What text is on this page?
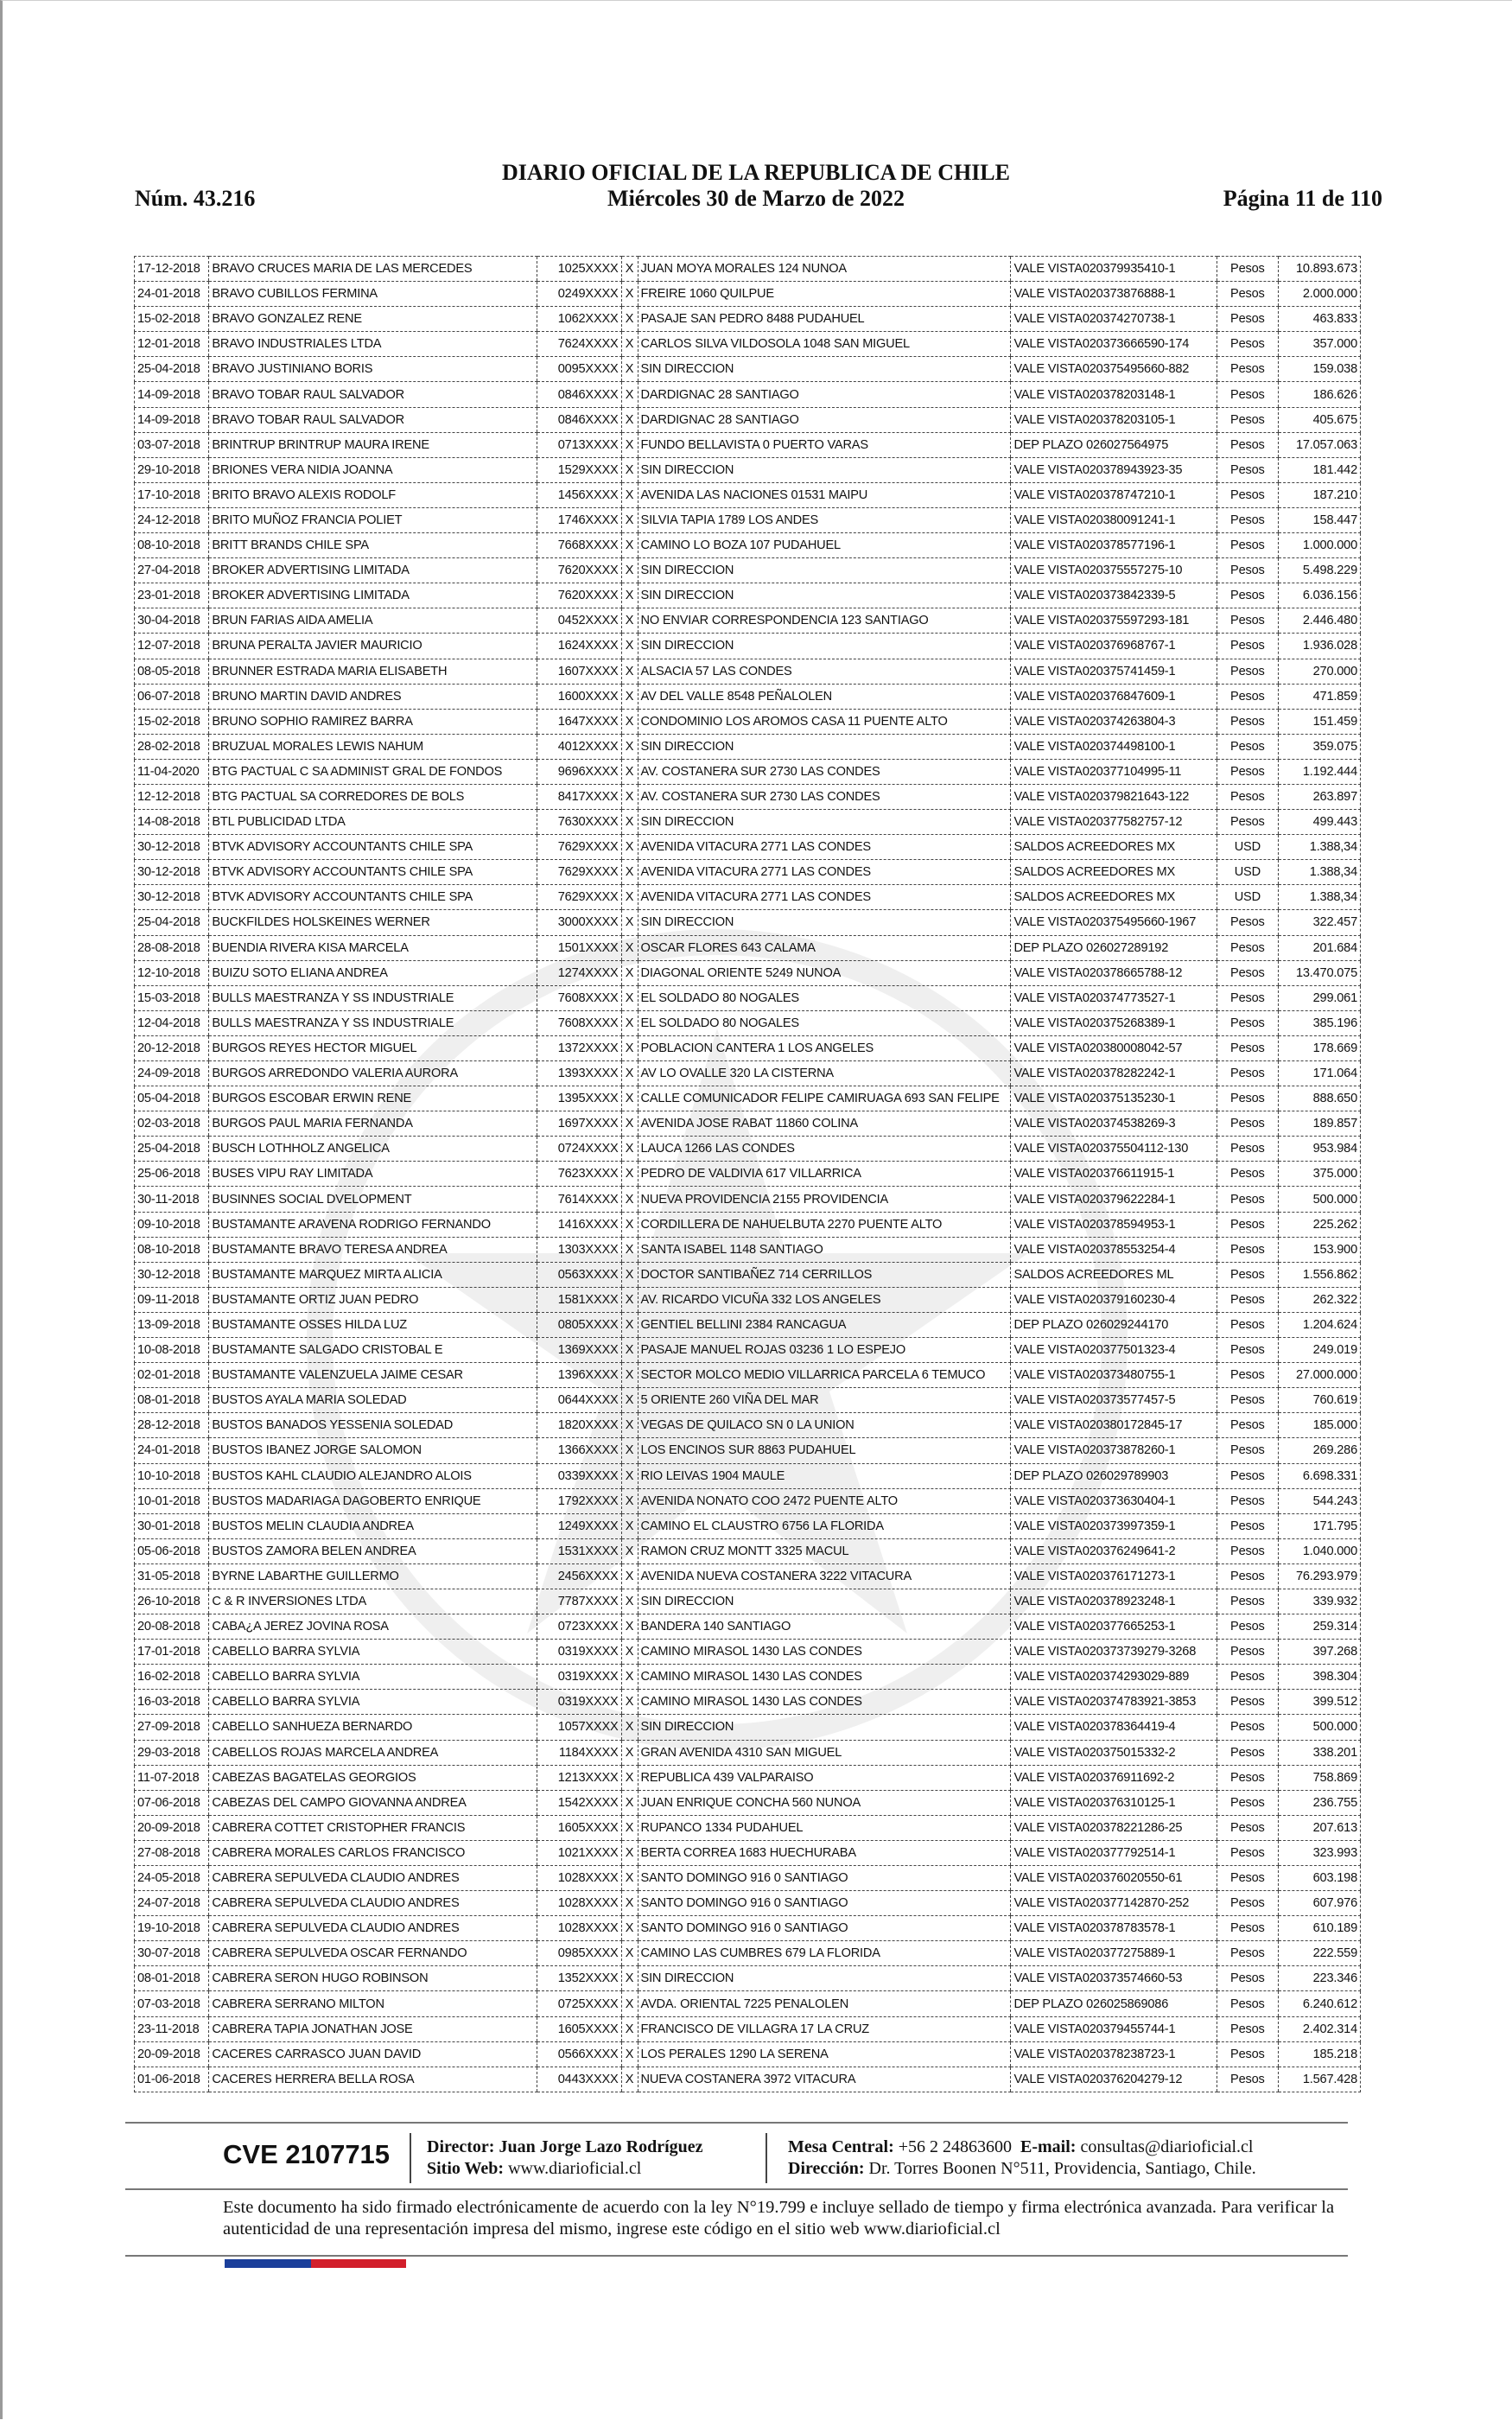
DIARIO OFICIAL DE LA REPUBLICA DE CHILE
Miércoles 30 de Marzo de 2022
Núm. 43.216	Página 11 de 110
17-12-2018	BRAVO CRUCES MARIA DE LAS MERCEDES	1025XXXX	X	JUAN MOYA MORALES 124 NUNOA	VALE VISTA020379935410-1	Pesos	10.893.673
24-01-2018	BRAVO CUBILLOS FERMINA	0249XXXX	X	FREIRE 1060 QUILPUE	VALE VISTA020373876888-1	Pesos	2.000.000
15-02-2018	BRAVO GONZALEZ RENE	1062XXXX	X	PASAJE SAN PEDRO 8488 PUDAHUEL	VALE VISTA020374270738-1	Pesos	463.833
12-01-2018	BRAVO INDUSTRIALES LTDA	7624XXXX	X	CARLOS SILVA VILDOSOLA 1048 SAN MIGUEL	VALE VISTA020373666590-174	Pesos	357.000
25-04-2018	BRAVO JUSTINIANO BORIS	0095XXXX	X	SIN DIRECCION	VALE VISTA020375495660-882	Pesos	159.038
14-09-2018	BRAVO TOBAR RAUL SALVADOR	0846XXXX	X	DARDIGNAC 28 SANTIAGO	VALE VISTA020378203148-1	Pesos	186.626
14-09-2018	BRAVO TOBAR RAUL SALVADOR	0846XXXX	X	DARDIGNAC 28 SANTIAGO	VALE VISTA020378203105-1	Pesos	405.675
03-07-2018	BRINTRUP BRINTRUP MAURA IRENE	0713XXXX	X	FUNDO BELLAVISTA 0 PUERTO VARAS	DEP PLAZO 026027564975	Pesos	17.057.063
29-10-2018	BRIONES VERA NIDIA JOANNA	1529XXXX	X	SIN DIRECCION	VALE VISTA020378943923-35	Pesos	181.442
17-10-2018	BRITO BRAVO ALEXIS RODOLF	1456XXXX	X	AVENIDA LAS NACIONES 01531 MAIPU	VALE VISTA020378747210-1	Pesos	187.210
24-12-2018	BRITO MUÑOZ FRANCIA POLIET	1746XXXX	X	SILVIA TAPIA 1789 LOS ANDES	VALE VISTA020380091241-1	Pesos	158.447
08-10-2018	BRITT BRANDS CHILE SPA	7668XXXX	X	CAMINO LO BOZA 107 PUDAHUEL	VALE VISTA020378577196-1	Pesos	1.000.000
27-04-2018	BROKER ADVERTISING LIMITADA	7620XXXX	X	SIN DIRECCION	VALE VISTA020375557275-10	Pesos	5.498.229
23-01-2018	BROKER ADVERTISING LIMITADA	7620XXXX	X	SIN DIRECCION	VALE VISTA020373842339-5	Pesos	6.036.156
30-04-2018	BRUN FARIAS AIDA AMELIA	0452XXXX	X	NO ENVIAR CORRESPONDENCIA 123 SANTIAGO	VALE VISTA020375597293-181	Pesos	2.446.480
12-07-2018	BRUNA PERALTA JAVIER MAURICIO	1624XXXX	X	SIN DIRECCION	VALE VISTA020376968767-1	Pesos	1.936.028
08-05-2018	BRUNNER ESTRADA MARIA ELISABETH	1607XXXX	X	ALSACIA 57 LAS CONDES	VALE VISTA020375741459-1	Pesos	270.000
06-07-2018	BRUNO MARTIN DAVID ANDRES	1600XXXX	X	AV DEL VALLE 8548 PEÑALOLEN	VALE VISTA020376847609-1	Pesos	471.859
15-02-2018	BRUNO SOPHIO RAMIREZ BARRA	1647XXXX	X	CONDOMINIO LOS AROMOS CASA 11 PUENTE ALTO	VALE VISTA020374263804-3	Pesos	151.459
28-02-2018	BRUZUAL MORALES LEWIS NAHUM	4012XXXX	X	SIN DIRECCION	VALE VISTA020374498100-1	Pesos	359.075
11-04-2020	BTG PACTUAL C SA ADMINIST GRAL DE FONDOS	9696XXXX	X	AV. COSTANERA SUR 2730 LAS CONDES	VALE VISTA020377104995-11	Pesos	1.192.444
12-12-2018	BTG PACTUAL SA CORREDORES DE BOLS	8417XXXX	X	AV. COSTANERA SUR 2730 LAS CONDES	VALE VISTA020379821643-122	Pesos	263.897
14-08-2018	BTL PUBLICIDAD LTDA	7630XXXX	X	SIN DIRECCION	VALE VISTA020377582757-12	Pesos	499.443
30-12-2018	BTVK ADVISORY ACCOUNTANTS CHILE SPA	7629XXXX	X	AVENIDA VITACURA 2771 LAS CONDES	SALDOS ACREEDORES MX	USD	1.388,34
30-12-2018	BTVK ADVISORY ACCOUNTANTS CHILE SPA	7629XXXX	X	AVENIDA VITACURA 2771 LAS CONDES	SALDOS ACREEDORES MX	USD	1.388,34
30-12-2018	BTVK ADVISORY ACCOUNTANTS CHILE SPA	7629XXXX	X	AVENIDA VITACURA 2771 LAS CONDES	SALDOS ACREEDORES MX	USD	1.388,34
25-04-2018	BUCKFILDES HOLSKEINES WERNER	3000XXXX	X	SIN DIRECCION	VALE VISTA020375495660-1967	Pesos	322.457
28-08-2018	BUENDIA RIVERA KISA MARCELA	1501XXXX	X	OSCAR FLORES 643 CALAMA	DEP PLAZO 026027289192	Pesos	201.684
12-10-2018	BUIZU SOTO ELIANA ANDREA	1274XXXX	X	DIAGONAL ORIENTE 5249 NUNOA	VALE VISTA020378665788-12	Pesos	13.470.075
15-03-2018	BULLS MAESTRANZA Y SS INDUSTRIALE	7608XXXX	X	EL SOLDADO 80 NOGALES	VALE VISTA020374773527-1	Pesos	299.061
12-04-2018	BULLS MAESTRANZA Y SS INDUSTRIALE	7608XXXX	X	EL SOLDADO 80 NOGALES	VALE VISTA020375268389-1	Pesos	385.196
20-12-2018	BURGOS REYES HECTOR MIGUEL	1372XXXX	X	POBLACION CANTERA 1 LOS ANGELES	VALE VISTA020380008042-57	Pesos	178.669
24-09-2018	BURGOS ARREDONDO VALERIA AURORA	1393XXXX	X	AV LO OVALLE 320 LA CISTERNA	VALE VISTA020378282242-1	Pesos	171.064
05-04-2018	BURGOS ESCOBAR ERWIN RENE	1395XXXX	X	CALLE COMUNICADOR FELIPE CAMIRUAGA 693 SAN FELIPE	VALE VISTA020375135230-1	Pesos	888.650
02-03-2018	BURGOS PAUL MARIA FERNANDA	1697XXXX	X	AVENIDA JOSE RABAT 11860 COLINA	VALE VISTA020374538269-3	Pesos	189.857
25-04-2018	BUSCH LOTHHOLZ ANGELICA	0724XXXX	X	LAUCA 1266 LAS CONDES	VALE VISTA020375504112-130	Pesos	953.984
25-06-2018	BUSES VIPU RAY LIMITADA	7623XXXX	X	PEDRO DE VALDIVIA 617 VILLARRICA	VALE VISTA020376611915-1	Pesos	375.000
30-11-2018	BUSINNES SOCIAL DVELOPMENT	7614XXXX	X	NUEVA PROVIDENCIA 2155 PROVIDENCIA	VALE VISTA020379622284-1	Pesos	500.000
09-10-2018	BUSTAMANTE ARAVENA RODRIGO FERNANDO	1416XXXX	X	CORDILLERA DE NAHUELBUTA 2270 PUENTE ALTO	VALE VISTA020378594953-1	Pesos	225.262
08-10-2018	BUSTAMANTE BRAVO TERESA ANDREA	1303XXXX	X	SANTA ISABEL 1148 SANTIAGO	VALE VISTA020378553254-4	Pesos	153.900
30-12-2018	BUSTAMANTE MARQUEZ MIRTA ALICIA	0563XXXX	X	DOCTOR SANTIBAÑEZ 714 CERRILLOS	SALDOS ACREEDORES ML	Pesos	1.556.862
09-11-2018	BUSTAMANTE ORTIZ JUAN PEDRO	1581XXXX	X	AV. RICARDO VICUÑA 332 LOS ANGELES	VALE VISTA020379160230-4	Pesos	262.322
13-09-2018	BUSTAMANTE OSSES HILDA LUZ	0805XXXX	X	GENTIEL BELLINI 2384 RANCAGUA	DEP PLAZO 026029244170	Pesos	1.204.624
10-08-2018	BUSTAMANTE SALGADO CRISTOBAL E	1369XXXX	X	PASAJE MANUEL ROJAS 03236 1 LO ESPEJO	VALE VISTA020377501323-4	Pesos	249.019
02-01-2018	BUSTAMANTE VALENZUELA JAIME CESAR	1396XXXX	X	SECTOR MOLCO MEDIO VILLARRICA PARCELA 6 TEMUCO	VALE VISTA020373480755-1	Pesos	27.000.000
08-01-2018	BUSTOS AYALA MARIA SOLEDAD	0644XXXX	X	5 ORIENTE 260 VIÑA DEL MAR	VALE VISTA020373577457-5	Pesos	760.619
28-12-2018	BUSTOS BANADOS YESSENIA SOLEDAD	1820XXXX	X	VEGAS DE QUILACO SN 0 LA UNION	VALE VISTA020380172845-17	Pesos	185.000
24-01-2018	BUSTOS IBANEZ JORGE SALOMON	1366XXXX	X	LOS ENCINOS SUR 8863 PUDAHUEL	VALE VISTA020373878260-1	Pesos	269.286
10-10-2018	BUSTOS KAHL CLAUDIO ALEJANDRO ALOIS	0339XXXX	X	RIO LEIVAS 1904 MAULE	DEP PLAZO 026029789903	Pesos	6.698.331
10-01-2018	BUSTOS MADARIAGA DAGOBERTO ENRIQUE	1792XXXX	X	AVENIDA NONATO COO 2472 PUENTE ALTO	VALE VISTA020373630404-1	Pesos	544.243
30-01-2018	BUSTOS MELIN CLAUDIA ANDREA	1249XXXX	X	CAMINO EL CLAUSTRO 6756 LA FLORIDA	VALE VISTA020373997359-1	Pesos	171.795
05-06-2018	BUSTOS ZAMORA BELEN ANDREA	1531XXXX	X	RAMON CRUZ MONTT 3325 MACUL	VALE VISTA020376249641-2	Pesos	1.040.000
31-05-2018	BYRNE LABARTHE GUILLERMO	2456XXXX	X	AVENIDA NUEVA COSTANERA 3222 VITACURA	VALE VISTA020376171273-1	Pesos	76.293.979
26-10-2018	C & R INVERSIONES LTDA	7787XXXX	X	SIN DIRECCION	VALE VISTA020378923248-1	Pesos	339.932
20-08-2018	CABA¿A JEREZ JOVINA ROSA	0723XXXX	X	BANDERA 140 SANTIAGO	VALE VISTA020377665253-1	Pesos	259.314
17-01-2018	CABELLO BARRA SYLVIA	0319XXXX	X	CAMINO MIRASOL 1430 LAS CONDES	VALE VISTA020373739279-3268	Pesos	397.268
16-02-2018	CABELLO BARRA SYLVIA	0319XXXX	X	CAMINO MIRASOL 1430 LAS CONDES	VALE VISTA020374293029-889	Pesos	398.304
16-03-2018	CABELLO BARRA SYLVIA	0319XXXX	X	CAMINO MIRASOL 1430 LAS CONDES	VALE VISTA020374783921-3853	Pesos	399.512
27-09-2018	CABELLO SANHUEZA BERNARDO	1057XXXX	X	SIN DIRECCION	VALE VISTA020378364419-4	Pesos	500.000
29-03-2018	CABELLOS ROJAS MARCELA ANDREA	1184XXXX	X	GRAN AVENIDA 4310 SAN MIGUEL	VALE VISTA020375015332-2	Pesos	338.201
11-07-2018	CABEZAS BAGATELAS GEORGIOS	1213XXXX	X	REPUBLICA 439 VALPARAISO	VALE VISTA020376911692-2	Pesos	758.869
07-06-2018	CABEZAS DEL CAMPO GIOVANNA ANDREA	1542XXXX	X	JUAN ENRIQUE CONCHA 560 NUNOA	VALE VISTA020376310125-1	Pesos	236.755
20-09-2018	CABRERA COTTET CRISTOPHER FRANCIS	1605XXXX	X	RUPANCO 1334 PUDAHUEL	VALE VISTA020378221286-25	Pesos	207.613
27-08-2018	CABRERA MORALES CARLOS FRANCISCO	1021XXXX	X	BERTA CORREA 1683 HUECHURABA	VALE VISTA020377792514-1	Pesos	323.993
24-05-2018	CABRERA SEPULVEDA CLAUDIO ANDRES	1028XXXX	X	SANTO DOMINGO 916 0 SANTIAGO	VALE VISTA020376020550-61	Pesos	603.198
24-07-2018	CABRERA SEPULVEDA CLAUDIO ANDRES	1028XXXX	X	SANTO DOMINGO 916 0 SANTIAGO	VALE VISTA020377142870-252	Pesos	607.976
19-10-2018	CABRERA SEPULVEDA CLAUDIO ANDRES	1028XXXX	X	SANTO DOMINGO 916 0 SANTIAGO	VALE VISTA020378783578-1	Pesos	610.189
30-07-2018	CABRERA SEPULVEDA OSCAR FERNANDO	0985XXXX	X	CAMINO LAS CUMBRES 679 LA FLORIDA	VALE VISTA020377275889-1	Pesos	222.559
08-01-2018	CABRERA SERON HUGO ROBINSON	1352XXXX	X	SIN DIRECCION	VALE VISTA020373574660-53	Pesos	223.346
07-03-2018	CABRERA SERRANO MILTON	0725XXXX	X	AVDA. ORIENTAL 7225 PENALOLEN	DEP PLAZO 026025869086	Pesos	6.240.612
23-11-2018	CABRERA TAPIA JONATHAN JOSE	1605XXXX	X	FRANCISCO DE VILLAGRA 17 LA CRUZ	VALE VISTA020379455744-1	Pesos	2.402.314
20-09-2018	CACERES CARRASCO JUAN DAVID	0566XXXX	X	LOS PERALES 1290 LA SERENA	VALE VISTA020378238723-1	Pesos	185.218
01-06-2018	CACERES HERRERA BELLA ROSA	0443XXXX	X	NUEVA COSTANERA 3972 VITACURA	VALE VISTA020376204279-12	Pesos	1.567.428
CVE 2107715 Director: Juan Jorge Lazo Rodríguez
Sitio Web: www.diarioficial.cl
Mesa Central: +56 2 24863600 E-mail: consultas@diarioficial.cl
Dirección: Dr. Torres Boonen N°511, Providencia, Santiago, Chile.
Este documento ha sido firmado electrónicamente de acuerdo con la ley N°19.799 e incluye sellado de tiempo y firma electrónica avanzada. Para verificar la autenticidad de una representación impresa del mismo, ingrese este código en el sitio web www.diarioficial.cl
